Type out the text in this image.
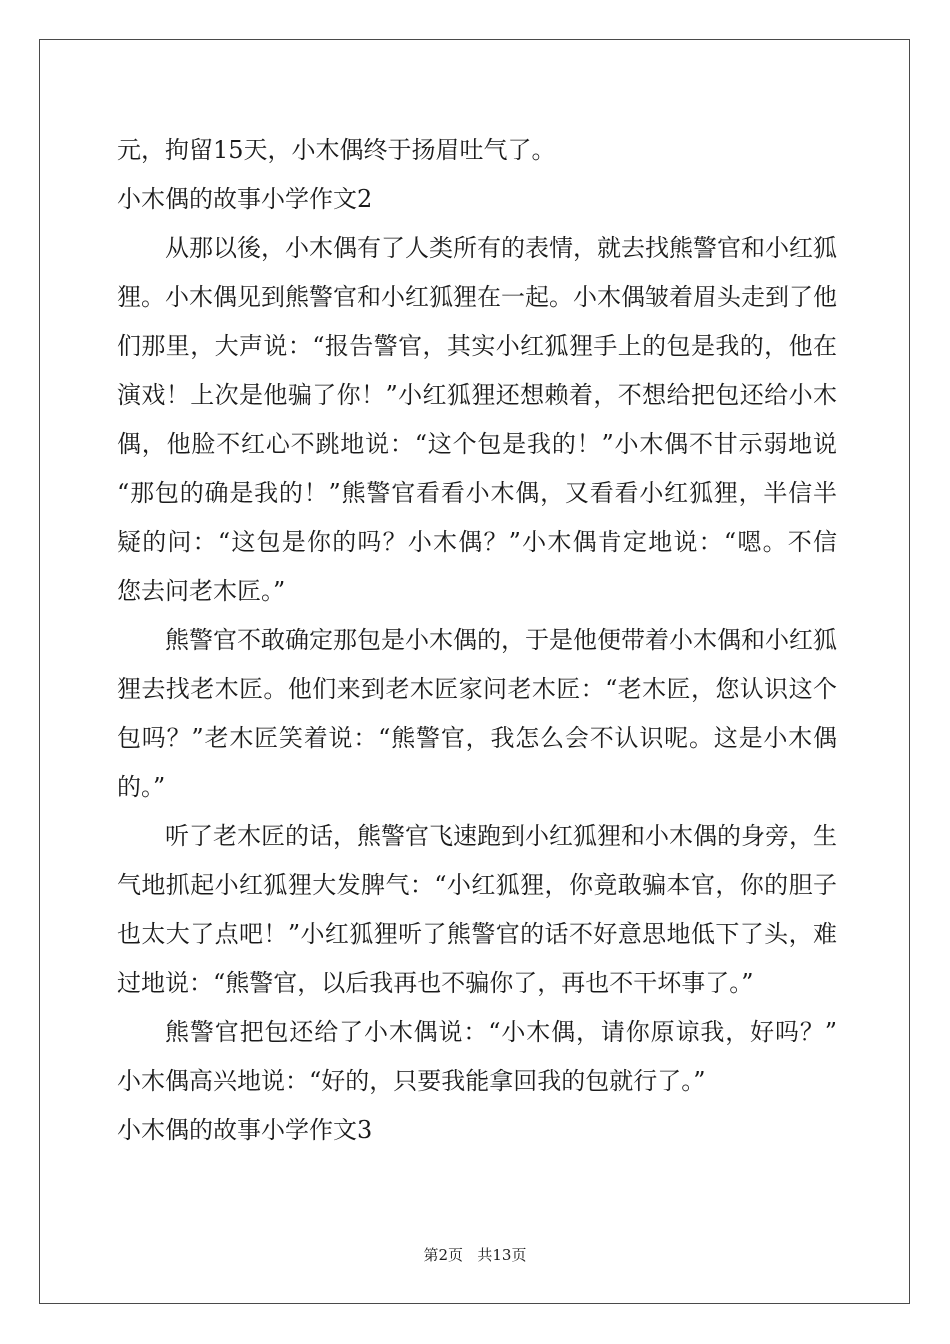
元，拘留15天，小木偶终于扬眉吐气了。
小木偶的故事小学作文2
从那以後，小木偶有了人类所有的表情，就去找熊警官和小红狐
狸。小木偶见到熊警官和小红狐狸在一起。小木偶皱着眉头走到了他
们那里，大声说：“报告警官，其实小红狐狸手上的包是我的，他在
演戏！上次是他骗了你！”小红狐狸还想赖着，不想给把包还给小木
偶，他脸不红心不跳地说：“这个包是我的！”小木偶不甘示弱地说
“那包的确是我的！”熊警官看看小木偶，又看看小红狐狸，半信半
疑的问：“这包是你的吗？小木偶？”小木偶肯定地说：“嗯。不信
您去问老木匠。”
熊警官不敢确定那包是小木偶的，于是他便带着小木偶和小红狐
狸去找老木匠。他们来到老木匠家问老木匠：“老木匠，您认识这个
包吗？”老木匠笑着说：“熊警官，我怎么会不认识呢。这是小木偶
的。”
听了老木匠的话，熊警官飞速跑到小红狐狸和小木偶的身旁，生
气地抓起小红狐狸大发脾气：“小红狐狸，你竟敢骗本官，你的胆子
也太大了点吧！”小红狐狸听了熊警官的话不好意思地低下了头，难
过地说：“熊警官，以后我再也不骗你了，再也不干坏事了。”
熊警官把包还给了小木偶说：“小木偶，请你原谅我，好吗？”
小木偶高兴地说：“好的，只要我能拿回我的包就行了。”
小木偶的故事小学作文3
第2页 共13页
